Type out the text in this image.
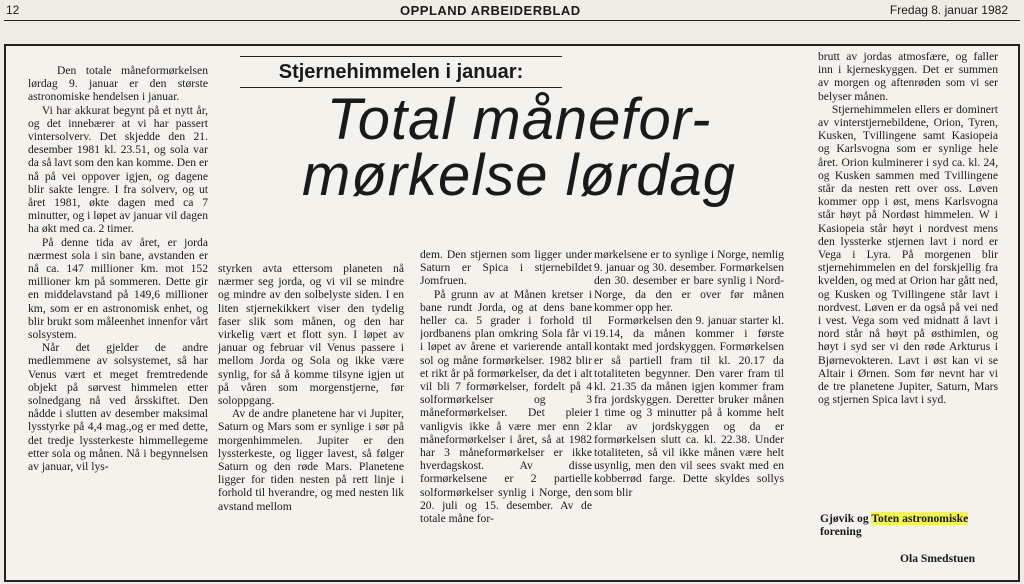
12	OPPLAND ARBEIDERBLAD	Fredag 8. januar 1982
Stjernehimmelen i januar:
Total månefor-
mørkelse lørdag

Den totale måneformørkelsen lørdag 9. januar er den største astronomiske hendelsen i januar.

Vi har akkurat begynt på et nytt år, og det innebærer at vi har passert vintersolverv. Det skjedde den 21. desember 1981 kl. 23.51, og sola var da så lavt som den kan komme. Den er nå på vei oppover igjen, og dagene blir sakte lengre. I fra solverv, og ut året 1981, økte dagen med ca 7 minutter, og i løpet av januar vil dagen ha økt med ca. 2 timer.

På denne tida av året, er jorda nærmest sola i sin bane, avstanden er nå ca. 147 millioner km. mot 152 millioner km på sommeren. Dette gir en middelavstand på 149,6 millioner km, som er en astronomisk enhet, og blir brukt som måleenhet innenfor vårt solsystem.

Når det gjelder de andre medlemmene av solsystemet, så har Venus vært et meget fremtredende objekt på sørvest himmelen etter solnedgang nå ved årsskiftet. Den nådde i slutten av desember maksimal lysstyrke på 4,4 mag.,og er med dette, det tredje lyssterkeste himmellegeme etter sola og månen. Nå i begynnelsen av januar, vil lys-

styrken avta ettersom planeten nå nærmer seg jorda, og vi vil se mindre og mindre av den solbelyste siden. I en liten stjernekikkert viser den tydelig faser slik som månen, og den har virkelig vært et flott syn. I løpet av januar og februar vil Venus passere i mellom Jorda og Sola og ikke være synlig, for så å komme tilsyne igjen ut på våren som morgenstjerne, før soloppgang.

Av de andre planetene har vi Jupiter, Saturn og Mars som er synlige i sør på morgenhimmelen. Jupiter er den lyssterkeste, og ligger lavest, så følger Saturn og den røde Mars. Planetene ligger for tiden nesten på rett linje i forhold til hverandre, og med nesten lik avstand mellom

dem. Den stjernen som ligger under Saturn er Spica i stjernebildet Jomfruen.

På grunn av at Månen kretser i bane rundt Jorda, og at dens bane heller ca. 5 grader i forhold til jordbanens plan omkring Sola får vi i løpet av årene et varierende antall sol og måne formørkelser. 1982 blir et rikt år på formørkelser, da det i alt vil bli 7 formørkelser, fordelt på 4 solformørkelser og 3 måneformørkelser. Det pleier vanligvis ikke å være mer enn 2 måneformørkelser i året, så at 1982 har 3 måneformørkelser er ikke hverdagskost. Av disse formørkelsene er 2 partielle solformørkelser synlig i Norge, den 20. juli og 15. desember. Av de totale måne for-

mørkelsene er to synlige i Norge, nemlig 9. januar og 30. desember. Formørkelsen den 30. desember er bare synlig i Nord-Norge, da den er over før månen kommer opp her.

Formørkelsen den 9. januar starter kl. 19.14, da månen kommer i første kontakt med jordskyggen. Formørkelsen er så partiell fram til kl. 20.17 da totaliteten begynner. Den varer fram til kl. 21.35 da månen igjen kommer fram fra jordskyggen. Deretter bruker månen 1 time og 3 minutter på å komme helt klar av jordskyggen og da er formørkelsen slutt ca. kl. 22.38. Under totaliteten, så vil ikke månen være helt usynlig, men den vil sees svakt med en kobberrød farge. Dette skyldes sollys som blir

brutt av jordas atmosfære, og faller inn i kjerneskyggen. Det er summen av morgen og aftenrøden som vi ser belyser månen.

Stjernehimmelen ellers er dominert av vinterstjernebildene, Orion, Tyren, Kusken, Tvillingene samt Kasiopeia og Karlsvogna som er synlige hele året. Orion kulminerer i syd ca. kl. 24, og Kusken sammen med Tvillingene står da nesten rett over oss. Løven kommer opp i øst, mens Karlsvogna står høyt på Nordøst himmelen. W i Kasiopeia står høyt i nordvest mens den lyssterke stjernen lavt i nord er Vega i Lyra. På morgenen blir stjernehimmelen en del forskjellig fra kvelden, og med at Orion har gått ned, og Kusken og Tvillingene står lavt i nordvest. Løven er da også på vei ned i vest. Vega som ved midnatt å lavt i nord står nå høyt på østhimlen, og høyt i syd ser vi den røde Arkturus i Bjørnevokteren. Lavt i øst kan vi se Altair i Ørnen. Som før nevnt har vi de tre planetene Jupiter, Saturn, Mars og stjernen Spica lavt i syd.

Gjøvik og Toten astronomiske
forening
Ola Smedstuen
